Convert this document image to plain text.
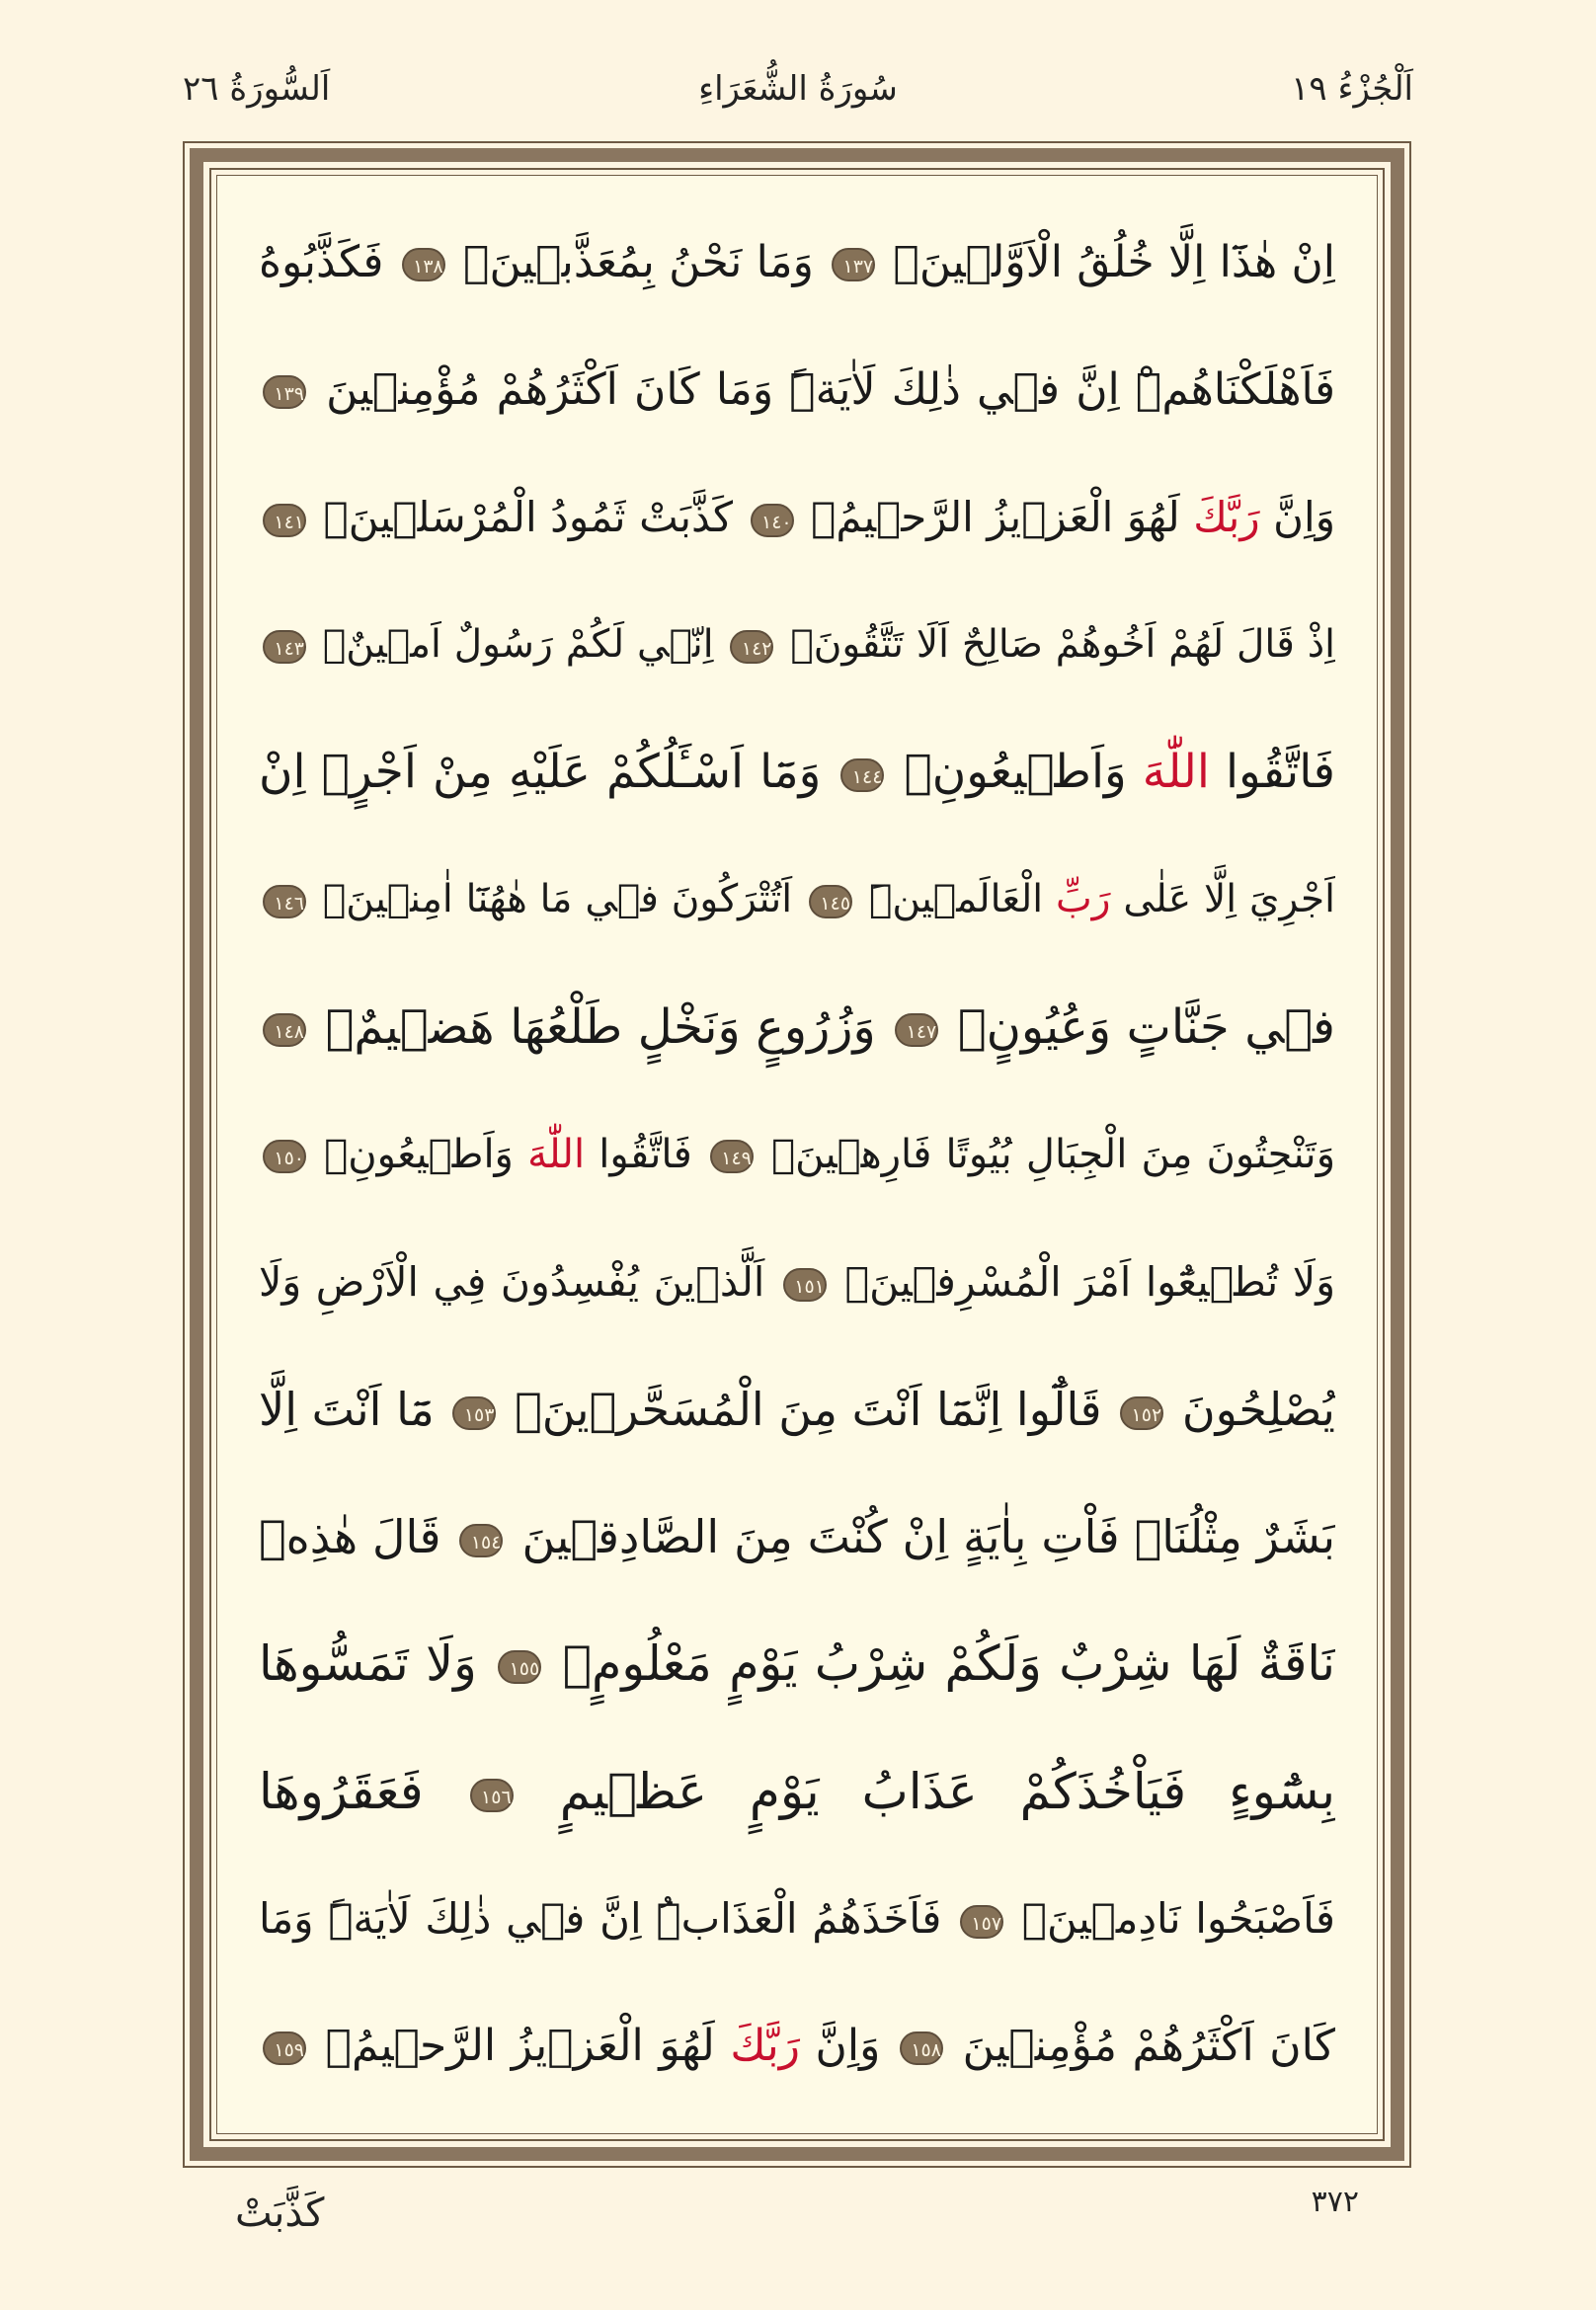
اَلْجُزْءُ ١٩
سُورَةُ الشُّعَرَاءِ
اَلسُّورَةُ ٢٦
اِنْ هٰذَٓا اِلَّا خُلُقُ الْاَوَّلٖينَۙ ١٣٧ وَمَا نَحْنُ بِمُعَذَّبٖينَۚ ١٣٨ فَكَذَّبُوهُ
فَاَهْلَكْنَاهُمْۜ اِنَّ فٖي ذٰلِكَ لَاٰيَةًۜ وَمَا كَانَ اَكْثَرُهُمْ مُؤْمِنٖينَ ١٣٩
وَاِنَّ رَبَّكَ لَهُوَ الْعَزٖيزُ الرَّحٖيمُ۟ ١٤٠ كَذَّبَتْ ثَمُودُ الْمُرْسَلٖينَۚ ١٤١
اِذْ قَالَ لَهُمْ اَخُوهُمْ صَالِحٌ اَلَا تَتَّقُونَۚ ١٤٢ اِنّٖي لَكُمْ رَسُولٌ اَمٖينٌۙ ١٤٣
فَاتَّقُوا اللّٰهَ وَاَطٖيعُونِۚ ١٤٤ وَمَٓا اَسْـَٔلُكُمْ عَلَيْهِ مِنْ اَجْرٍۚ اِنْ
اَجْرِيَ اِلَّا عَلٰى رَبِّ الْعَالَمٖينَۜ ١٤٥ اَتُتْرَكُونَ فٖي مَا هٰهُنَٓا اٰمِنٖينَۙ ١٤٦
فٖي جَنَّاتٍ وَعُيُونٍۙ ١٤٧ وَزُرُوعٍ وَنَخْلٍ طَلْعُهَا هَضٖيمٌۚ ١٤٨
وَتَنْحِتُونَ مِنَ الْجِبَالِ بُيُوتًا فَارِهٖينَۚ ١٤٩ فَاتَّقُوا اللّٰهَ وَاَطٖيعُونِۚ ١٥٠
وَلَا تُطٖيعُٓوا اَمْرَ الْمُسْرِفٖينَۙ ١٥١ اَلَّذٖينَ يُفْسِدُونَ فِي الْاَرْضِ وَلَا
يُصْلِحُونَ ١٥٢ قَالُٓوا اِنَّمَٓا اَنْتَ مِنَ الْمُسَحَّرٖينَۚ ١٥٣ مَٓا اَنْتَ اِلَّا
بَشَرٌ مِثْلُنَاۚ فَاْتِ بِاٰيَةٍ اِنْ كُنْتَ مِنَ الصَّادِقٖينَ ١٥٤ قَالَ هٰذِهٖ
نَاقَةٌ لَهَا شِرْبٌ وَلَكُمْ شِرْبُ يَوْمٍ مَعْلُومٍۚ ١٥٥ وَلَا تَمَسُّوهَا
بِسُٓوءٍ فَيَاْخُذَكُمْ عَذَابُ يَوْمٍ عَظٖيمٍ ١٥٦ فَعَقَرُوهَا
فَاَصْبَحُوا نَادِمٖينَۙ ١٥٧ فَاَخَذَهُمُ الْعَذَابُۜ اِنَّ فٖي ذٰلِكَ لَاٰيَةًۜ وَمَا
كَانَ اَكْثَرُهُمْ مُؤْمِنٖينَ ١٥٨ وَاِنَّ رَبَّكَ لَهُوَ الْعَزٖيزُ الرَّحٖيمُ۟ ١٥٩
٣٧٢
كَذَّبَتْ
